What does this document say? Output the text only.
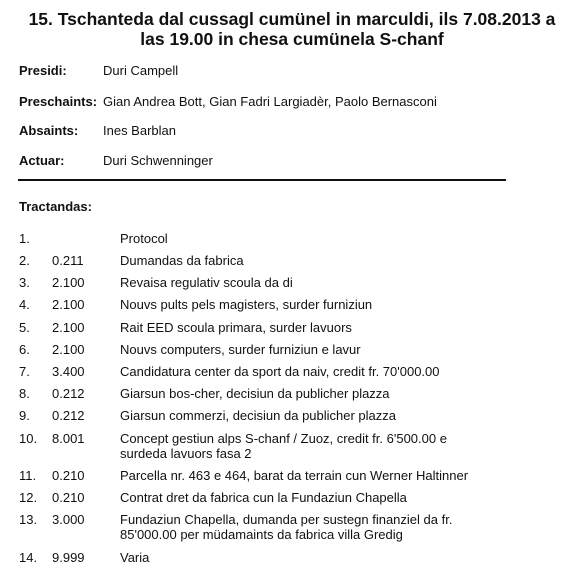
15. Tschanteda dal cussagl cumünel in marculdi, ils 7.08.2013 a
las 19.00 in chesa cumünela S-chanf
Presidi:	Duri Campell
Preschaints: Gian Andrea Bott, Gian Fadri Largiadèr, Paolo Bernasconi
Absaints: Ines Barblan
Actuar:	Duri Schwenninger
Tractandas:
1.	Protocol
2. 0.211	Dumandas da fabrica
3. 2.100	Revaisa regulativ scoula da di
4. 2.100	Nouvs pults pels magisters, surder furniziun
5. 2.100	Rait EED scoula primara, surder lavuors
6. 2.100	Nouvs computers, surder furniziun e lavur
7. 3.400	Candidatura center da sport da naiv, credit fr. 70'000.00
8. 0.212	Giarsun bos-cher, decisiun da publicher plazza
9. 0.212	Giarsun commerzi, decisiun da publicher plazza
10. 8.001	Concept gestiun alps S-chanf / Zuoz, credit fr. 6'500.00 e
surdeda lavuors fasa 2
11. 0.210	Parcella nr. 463 e 464, barat da terrain cun Werner Haltinner
12. 0.210	Contrat dret da fabrica cun la Fundaziun Chapella
13. 3.000	Fundaziun Chapella, dumanda per sustegn finanziel da fr.
85'000.00 per müdamaints da fabrica villa Gredig
14. 9.999	Varia
